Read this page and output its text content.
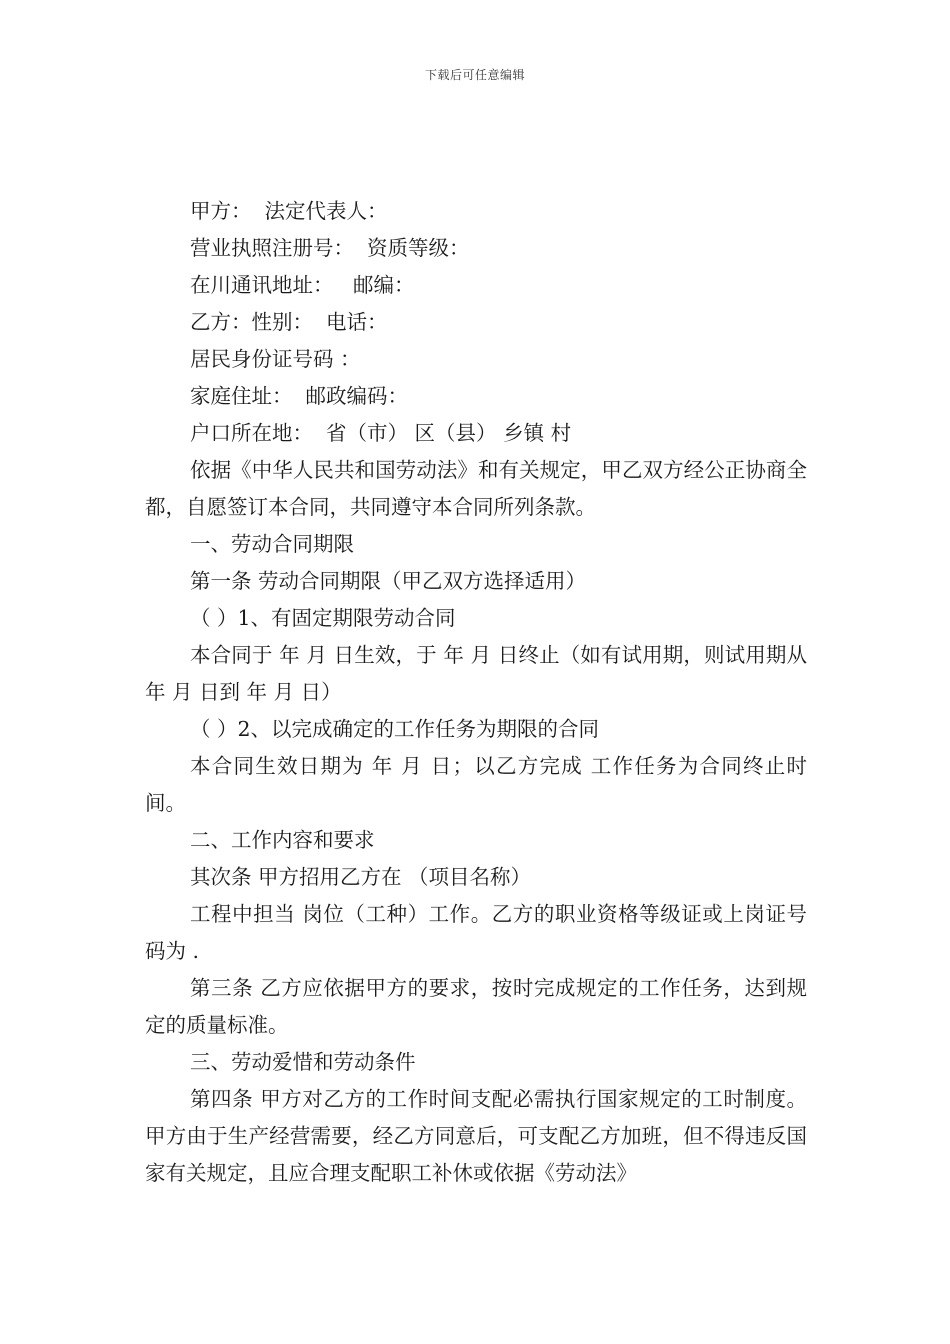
下载后可任意编辑

甲方：  法定代表人：

营业执照注册号：  资质等级：

在川通讯地址：   邮编：

乙方：性别：  电话：

居民身份证号码 ：

家庭住址：  邮政编码：

户口所在地：  省（市） 区（县） 乡镇 村

依据《中华人民共和国劳动法》和有关规定，甲乙双方经公正协商全都，自愿签订本合同，共同遵守本合同所列条款。

一、劳动合同期限

第一条 劳动合同期限（甲乙双方选择适用）

（ ）1、有固定期限劳动合同

本合同于 年 月 日生效，于 年 月 日终止（如有试用期，则试用期从 年 月 日到 年 月 日）

（ ）2、以完成确定的工作任务为期限的合同

本合同生效日期为 年 月 日；以乙方完成 工作任务为合同终止时间。

二、工作内容和要求

其次条 甲方招用乙方在 （项目名称）

工程中担当 岗位（工种）工作。乙方的职业资格等级证或上岗证号码为 .

第三条 乙方应依据甲方的要求，按时完成规定的工作任务，达到规定的质量标准。

三、劳动爱惜和劳动条件

第四条 甲方对乙方的工作时间支配必需执行国家规定的工时制度。甲方由于生产经营需要，经乙方同意后，可支配乙方加班，但不得违反国家有关规定，且应合理支配职工补休或依据《劳动法》
